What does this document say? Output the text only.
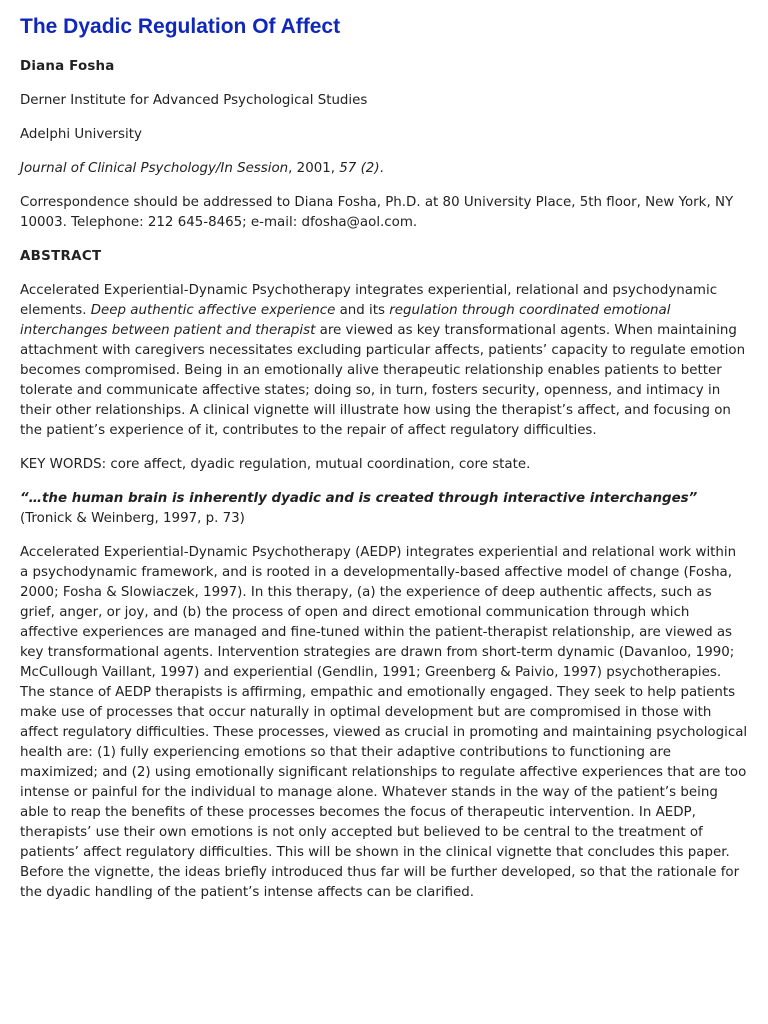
The Dyadic Regulation Of Affect

Diana Fosha

Derner Institute for Advanced Psychological Studies

Adelphi University

Journal of Clinical Psychology/In Session, 2001, 57 (2).

Correspondence should be addressed to Diana Fosha, Ph.D. at 80 University Place, 5th floor, New York, NY 10003. Telephone: 212 645-8465; e-mail: dfosha@aol.com.

ABSTRACT

Accelerated Experiential-Dynamic Psychotherapy integrates experiential, relational and psychodynamic elements. Deep authentic affective experience and its regulation through coordinated emotional interchanges between patient and therapist are viewed as key transformational agents. When maintaining attachment with caregivers necessitates excluding particular affects, patients’ capacity to regulate emotion becomes compromised. Being in an emotionally alive therapeutic relationship enables patients to better tolerate and communicate affective states; doing so, in turn, fosters security, openness, and intimacy in their other relationships. A clinical vignette will illustrate how using the therapist’s affect, and focusing on the patient’s experience of it, contributes to the repair of affect regulatory difficulties.

KEY WORDS: core affect, dyadic regulation, mutual coordination, core state.

“…the human brain is inherently dyadic and is created through interactive interchanges” (Tronick & Weinberg, 1997, p. 73)

Accelerated Experiential-Dynamic Psychotherapy (AEDP) integrates experiential and relational work within a psychodynamic framework, and is rooted in a developmentally-based affective model of change (Fosha, 2000; Fosha & Slowiaczek, 1997). In this therapy, (a) the experience of deep authentic affects, such as grief, anger, or joy, and (b) the process of open and direct emotional communication through which affective experiences are managed and fine-tuned within the patient-therapist relationship, are viewed as key transformational agents. Intervention strategies are drawn from short-term dynamic (Davanloo, 1990; McCullough Vaillant, 1997) and experiential (Gendlin, 1991; Greenberg & Paivio, 1997) psychotherapies. The stance of AEDP therapists is affirming, empathic and emotionally engaged. They seek to help patients make use of processes that occur naturally in optimal development but are compromised in those with affect regulatory difficulties. These processes, viewed as crucial in promoting and maintaining psychological health are: (1) fully experiencing emotions so that their adaptive contributions to functioning are maximized; and (2) using emotionally significant relationships to regulate affective experiences that are too intense or painful for the individual to manage alone. Whatever stands in the way of the patient’s being able to reap the benefits of these processes becomes the focus of therapeutic intervention. In AEDP, therapists’ use their own emotions is not only accepted but believed to be central to the treatment of patients’ affect regulatory difficulties. This will be shown in the clinical vignette that concludes this paper. Before the vignette, the ideas briefly introduced thus far will be further developed, so that the rationale for the dyadic handling of the patient’s intense affects can be clarified.
